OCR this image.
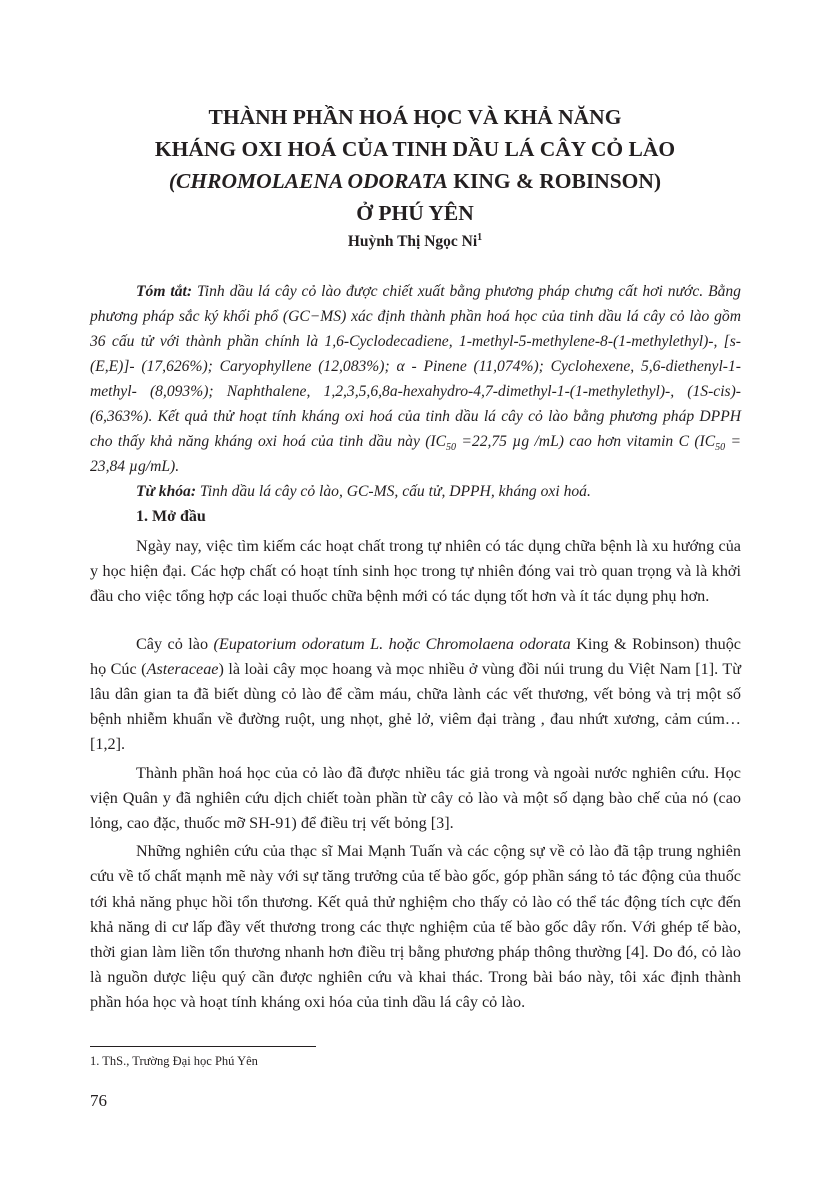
THÀNH PHẦN HOÁ HỌC VÀ KHẢ NĂNG
KHÁNG OXI HOÁ CỦA TINH DẦU LÁ CÂY CỎ LÀO
(CHROMOLAENA ODORATA KING & ROBINSON)
Ở PHÚ YÊN
Huỳnh Thị Ngọc Ni$^1$
Tóm tắt: Tinh dầu lá cây cỏ lào được chiết xuất bằng phương pháp chưng cất hơi nước. Bằng phương pháp sắc ký khối phổ (GC−MS) xác định thành phần hoá học của tinh dầu lá cây cỏ lào gồm 36 cấu tử với thành phần chính là 1,6-Cyclodecadiene, 1-methyl-5-methylene-8-(1-methylethyl)-, [s-(E,E)]- (17,626%); Caryophyllene (12,083%); α - Pinene (11,074%); Cyclohexene, 5,6-diethenyl-1-methyl- (8,093%); Naphthalene, 1,2,3,5,6,8a-hexahydro-4,7-dimethyl-1-(1-methylethyl)-, (1S-cis)- (6,363%). Kết quả thử hoạt tính kháng oxi hoá của tinh dầu lá cây cỏ lào bằng phương pháp DPPH cho thấy khả năng kháng oxi hoá của tinh dầu này ($IC_{50} =22,75$ µg /mL) cao hơn vitamin C ($IC_{50} = 23,84$ µg/mL).
Từ khóa: Tinh dầu lá cây cỏ lào, GC-MS, cấu tử, DPPH, kháng oxi hoá.
1. Mở đầu
Ngày nay, việc tìm kiếm các hoạt chất trong tự nhiên có tác dụng chữa bệnh là xu hướng của y học hiện đại. Các hợp chất có hoạt tính sinh học trong tự nhiên đóng vai trò quan trọng và là khởi đầu cho việc tổng hợp các loại thuốc chữa bệnh mới có tác dụng tốt hơn và ít tác dụng phụ hơn.
Cây cỏ lào (Eupatorium odoratum L. hoặc Chromolaena odorata King & Robinson) thuộc họ Cúc (Asteraceae) là loài cây mọc hoang và mọc nhiều ở vùng đồi núi trung du Việt Nam [1]. Từ lâu dân gian ta đã biết dùng cỏ lào để cầm máu, chữa lành các vết thương, vết bỏng và trị một số bệnh nhiễm khuẩn về đường ruột, ung nhọt, ghẻ lở, viêm đại tràng , đau nhứt xương, cảm cúm… [1,2].
Thành phần hoá học của cỏ lào đã được nhiều tác giả trong và ngoài nước nghiên cứu. Học viện Quân y đã nghiên cứu dịch chiết toàn phần từ cây cỏ lào và một số dạng bào chế của nó (cao lỏng, cao đặc, thuốc mỡ SH-91) để điều trị vết bỏng [3].
Những nghiên cứu của thạc sĩ Mai Mạnh Tuấn và các cộng sự về cỏ lào đã tập trung nghiên cứu về tố chất mạnh mẽ này với sự tăng trưởng của tế bào gốc, góp phần sáng tỏ tác động của thuốc tới khả năng phục hồi tổn thương. Kết quả thử nghiệm cho thấy cỏ lào có thể tác động tích cực đến khả năng di cư lấp đầy vết thương trong các thực nghiệm của tế bào gốc dây rốn. Với ghép tế bào, thời gian làm liền tổn thương nhanh hơn điều trị bằng phương pháp thông thường [4]. Do đó, cỏ lào là nguồn dược liệu quý cần được nghiên cứu và khai thác. Trong bài báo này, tôi xác định thành phần hóa học và hoạt tính kháng oxi hóa của tinh dầu lá cây cỏ lào.
1. ThS., Trường Đại học Phú Yên
76
